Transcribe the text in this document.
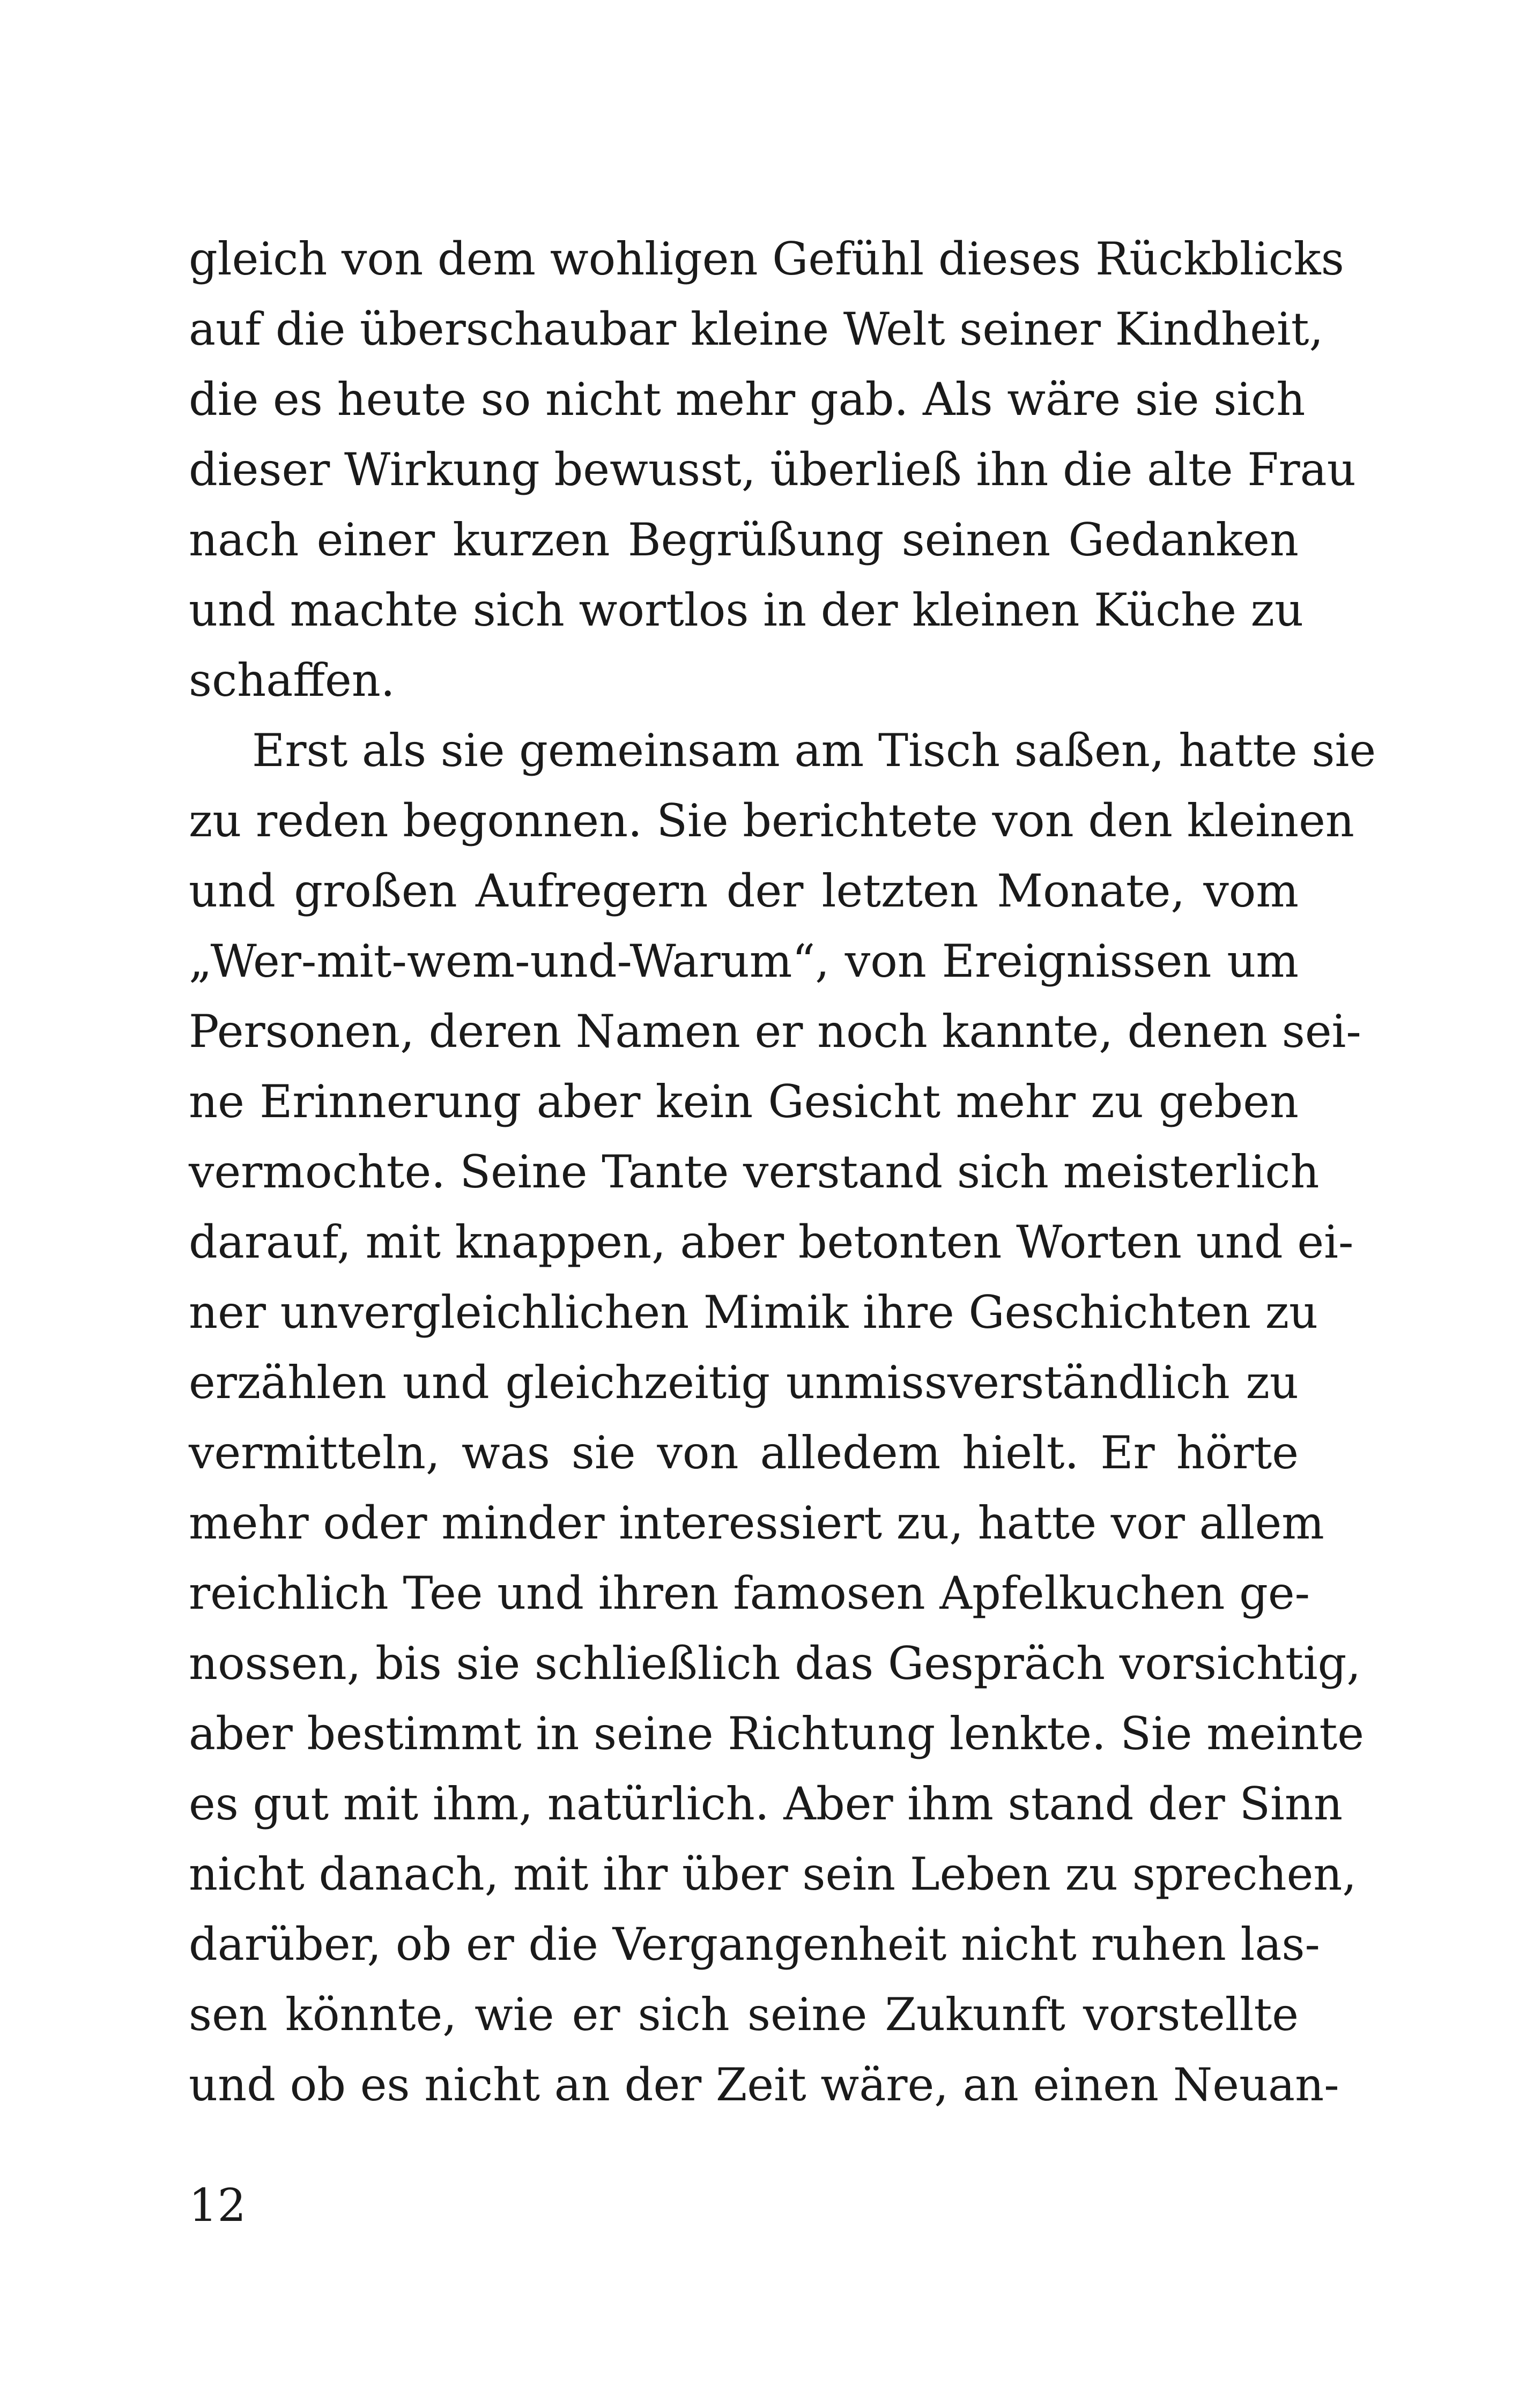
gleich von dem wohligen Gefühl dieses Rückblicks
auf die überschaubar kleine Welt seiner Kindheit,
die es heute so nicht mehr gab. Als wäre sie sich
dieser Wirkung bewusst, überließ ihn die alte Frau
nach einer kurzen Begrüßung seinen Gedanken
und machte sich wortlos in der kleinen Küche zu
schaffen.
Erst als sie gemeinsam am Tisch saßen, hatte sie
zu reden begonnen. Sie berichtete von den kleinen
und großen Aufregern der letzten Monate, vom
„Wer-mit-wem-und-Warum“, von Ereignissen um
Personen, deren Namen er noch kannte, denen sei-
ne Erinnerung aber kein Gesicht mehr zu geben
vermochte. Seine Tante verstand sich meisterlich
darauf, mit knappen, aber betonten Worten und ei-
ner unvergleichlichen Mimik ihre Geschichten zu
erzählen und gleichzeitig unmissverständlich zu
vermitteln, was sie von alledem hielt. Er hörte
mehr oder minder interessiert zu, hatte vor allem
reichlich Tee und ihren famosen Apfelkuchen ge-
nossen, bis sie schließlich das Gespräch vorsichtig,
aber bestimmt in seine Richtung lenkte. Sie meinte
es gut mit ihm, natürlich. Aber ihm stand der Sinn
nicht danach, mit ihr über sein Leben zu sprechen,
darüber, ob er die Vergangenheit nicht ruhen las-
sen könnte, wie er sich seine Zukunft vorstellte
und ob es nicht an der Zeit wäre, an einen Neuan-
12
